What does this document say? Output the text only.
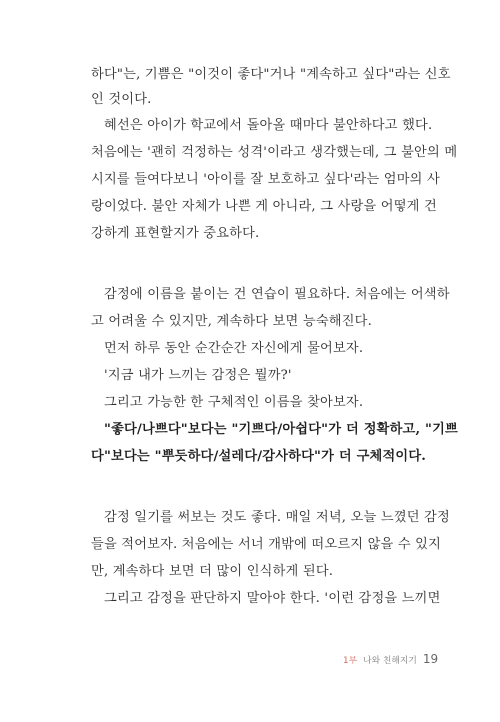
하다"는, 기쁨은 "이것이 좋다"거나 "계속하고 싶다"라는 신호
인 것이다.
혜선은 아이가 학교에서 돌아올 때마다 불안하다고 했다.
처음에는 '괜히 걱정하는 성격'이라고 생각했는데, 그 불안의 메
시지를 들여다보니 '아이를 잘 보호하고 싶다'라는 엄마의 사
랑이었다. 불안 자체가 나쁜 게 아니라, 그 사랑을 어떻게 건
강하게 표현할지가 중요하다.
감정에 이름을 붙이는 건 연습이 필요하다. 처음에는 어색하
고 어려울 수 있지만, 계속하다 보면 능숙해진다.
먼저 하루 동안 순간순간 자신에게 물어보자.
'지금 내가 느끼는 감정은 뭘까?'
그리고 가능한 한 구체적인 이름을 찾아보자.
"좋다/나쁘다"보다는 "기쁘다/아쉽다"가 더 정확하고, "기쁘
다"보다는 "뿌듯하다/설레다/감사하다"가 더 구체적이다.
감정 일기를 써보는 것도 좋다. 매일 저녁, 오늘 느꼈던 감정
들을 적어보자. 처음에는 서너 개밖에 떠오르지 않을 수 있지
만, 계속하다 보면 더 많이 인식하게 된다.
그리고 감정을 판단하지 말아야 한다. '이런 감정을 느끼면
1부 나와 친해지기 19
